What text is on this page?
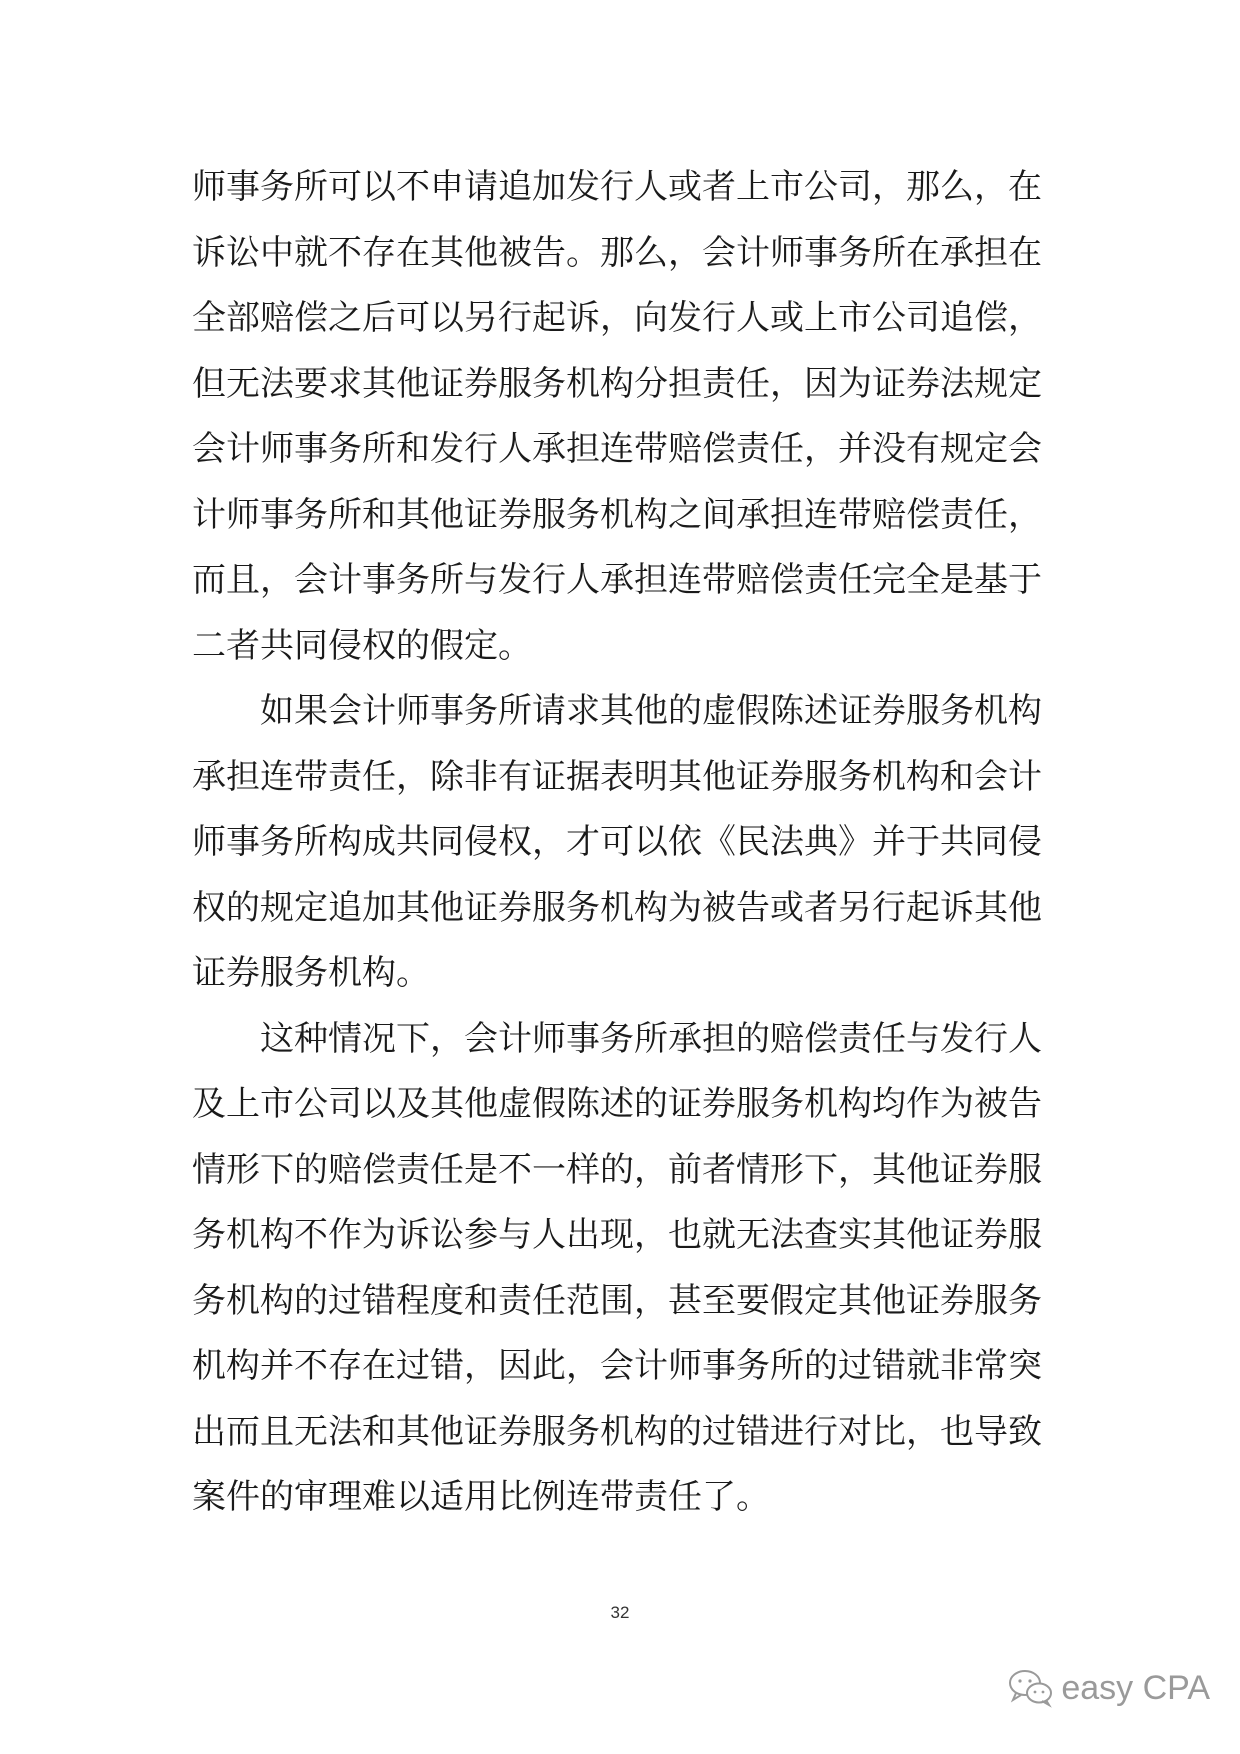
师事务所可以不申请追加发行人或者上市公司，那么，在
诉讼中就不存在其他被告。那么，会计师事务所在承担在
全部赔偿之后可以另行起诉，向发行人或上市公司追偿，
但无法要求其他证券服务机构分担责任，因为证券法规定
会计师事务所和发行人承担连带赔偿责任，并没有规定会
计师事务所和其他证券服务机构之间承担连带赔偿责任，
而且，会计事务所与发行人承担连带赔偿责任完全是基于
二者共同侵权的假定。
如果会计师事务所请求其他的虚假陈述证券服务机构
承担连带责任，除非有证据表明其他证券服务机构和会计
师事务所构成共同侵权，才可以依《民法典》并于共同侵
权的规定追加其他证券服务机构为被告或者另行起诉其他
证券服务机构。
这种情况下，会计师事务所承担的赔偿责任与发行人
及上市公司以及其他虚假陈述的证券服务机构均作为被告
情形下的赔偿责任是不一样的，前者情形下，其他证券服
务机构不作为诉讼参与人出现，也就无法查实其他证券服
务机构的过错程度和责任范围，甚至要假定其他证券服务
机构并不存在过错，因此，会计师事务所的过错就非常突
出而且无法和其他证券服务机构的过错进行对比，也导致
案件的审理难以适用比例连带责任了。
32
easy CPA
